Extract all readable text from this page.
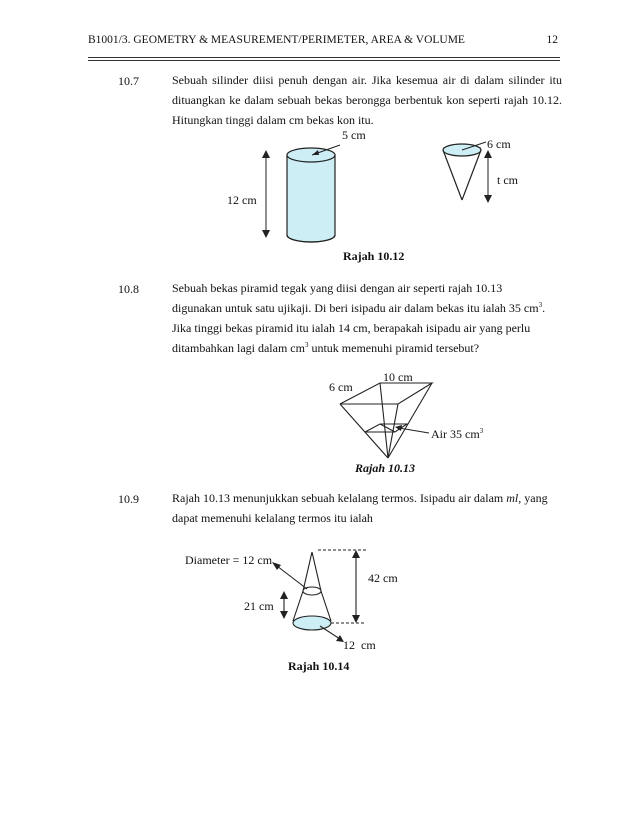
B1001/3. GEOMETRY & MEASUREMENT/PERIMETER, AREA & VOLUME	12
10.7	Sebuah silinder diisi penuh dengan air. Jika kesemua air di dalam silinder itu dituangkan ke dalam sebuah bekas berongga berbentuk kon seperti rajah 10.12. Hitungkan tinggi dalam cm bekas kon itu.
5 cm
12 cm
6 cm
t cm
Rajah 10.12
10.8	Sebuah bekas piramid tegak yang diisi dengan air seperti rajah 10.13
digunakan untuk satu ujikaji. Di beri isipadu air dalam bekas itu ialah 35 $cm^3$.
Jika tinggi bekas piramid itu ialah 14 cm, berapakah isipadu air yang perlu
ditambahkan lagi dalam $cm^3$ untuk memenuhi piramid tersebut?
10 cm
6 cm
Air 35 $cm^3$
Rajah 10.13
10.9	Rajah 10.13 menunjukkan sebuah kelalang termos. Isipadu air dalam ml, yang
dapat memenuhi kelalang termos itu ialah
Diameter = 12 cm
42 cm
21 cm
12  cm
Rajah 10.14
